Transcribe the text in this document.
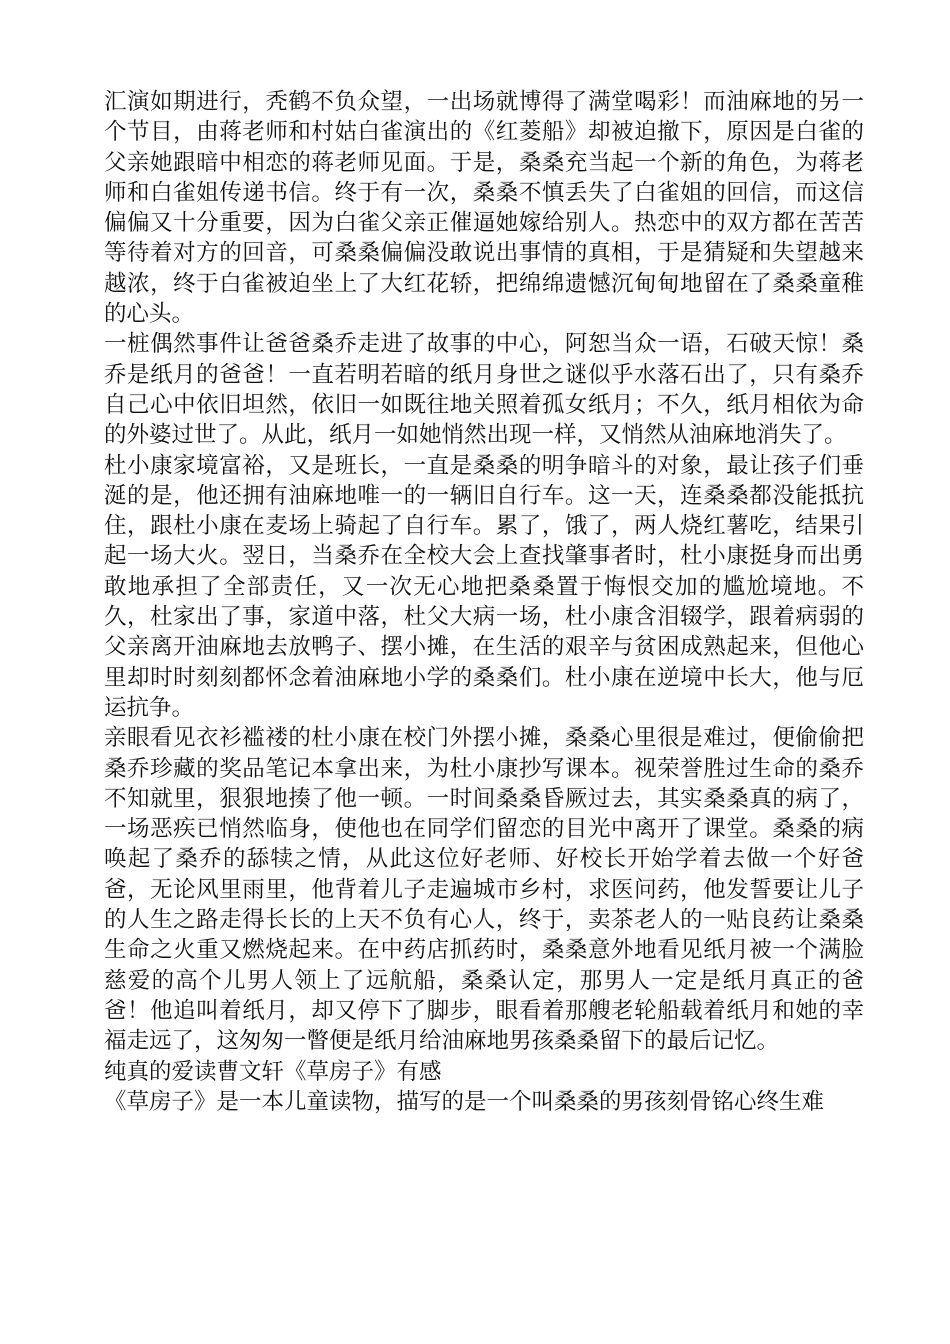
汇演如期进行，秃鹤不负众望，一出场就博得了满堂喝彩！而油麻地的另一个节目，由蒋老师和村姑白雀演出的《红菱船》却被迫撤下，原因是白雀的父亲她跟暗中相恋的蒋老师见面。于是，桑桑充当起一个新的角色，为蒋老师和白雀姐传递书信。终于有一次，桑桑不慎丢失了白雀姐的回信，而这信偏偏又十分重要，因为白雀父亲正催逼她嫁给别人。热恋中的双方都在苦苦等待着对方的回音，可桑桑偏偏没敢说出事情的真相，于是猜疑和失望越来越浓，终于白雀被迫坐上了大红花轿，把绵绵遗憾沉甸甸地留在了桑桑童稚的心头。

一桩偶然事件让爸爸桑乔走进了故事的中心，阿恕当众一语，石破天惊！桑乔是纸月的爸爸！一直若明若暗的纸月身世之谜似乎水落石出了，只有桑乔自己心中依旧坦然，依旧一如既往地关照着孤女纸月；不久，纸月相依为命的外婆过世了。从此，纸月一如她悄然出现一样，又悄然从油麻地消失了。

杜小康家境富裕，又是班长，一直是桑桑的明争暗斗的对象，最让孩子们垂涎的是，他还拥有油麻地唯一的一辆旧自行车。这一天，连桑桑都没能抵抗住，跟杜小康在麦场上骑起了自行车。累了，饿了，两人烧红薯吃，结果引起一场大火。翌日，当桑乔在全校大会上查找肇事者时，杜小康挺身而出勇敢地承担了全部责任，又一次无心地把桑桑置于悔恨交加的尴尬境地。不久，杜家出了事，家道中落，杜父大病一场，杜小康含泪辍学，跟着病弱的父亲离开油麻地去放鸭子、摆小摊，在生活的艰辛与贫困成熟起来，但他心里却时时刻刻都怀念着油麻地小学的桑桑们。杜小康在逆境中长大，他与厄运抗争。

亲眼看见衣衫褴褛的杜小康在校门外摆小摊，桑桑心里很是难过，便偷偷把桑乔珍藏的奖品笔记本拿出来，为杜小康抄写课本。视荣誉胜过生命的桑乔不知就里，狠狠地揍了他一顿。一时间桑桑昏厥过去，其实桑桑真的病了，一场恶疾已悄然临身，使他也在同学们留恋的目光中离开了课堂。桑桑的病唤起了桑乔的舔犊之情，从此这位好老师、好校长开始学着去做一个好爸爸，无论风里雨里，他背着儿子走遍城市乡村，求医问药，他发誓要让儿子的人生之路走得长长的上天不负有心人，终于，卖茶老人的一贴良药让桑桑生命之火重又燃烧起来。在中药店抓药时，桑桑意外地看见纸月被一个满脸慈爱的高个儿男人领上了远航船，桑桑认定，那男人一定是纸月真正的爸爸！他追叫着纸月，却又停下了脚步，眼看着那艘老轮船载着纸月和她的幸福走远了，这匆匆一瞥便是纸月给油麻地男孩桑桑留下的最后记忆。

纯真的爱读曹文轩《草房子》有感

《草房子》是一本儿童读物，描写的是一个叫桑桑的男孩刻骨铭心终生难
